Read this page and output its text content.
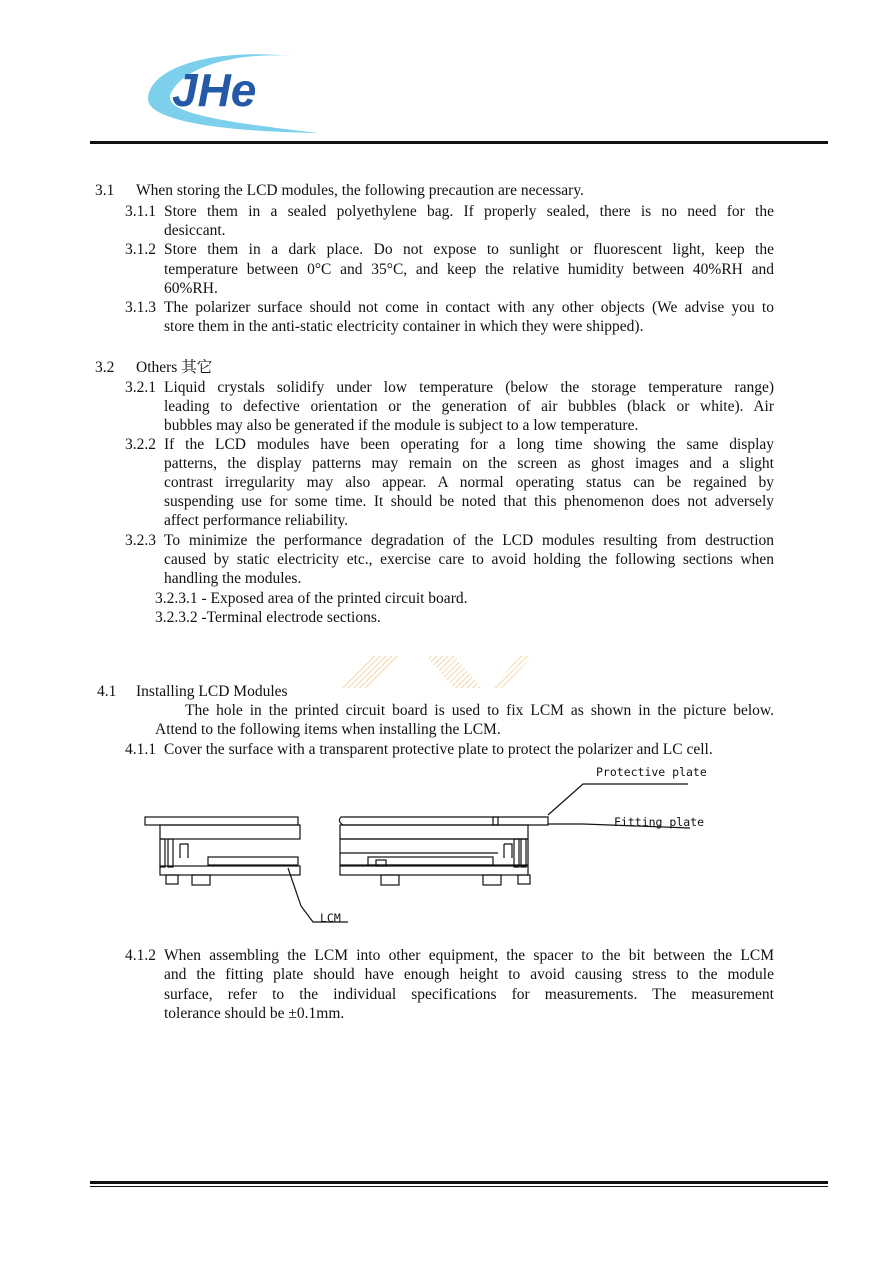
JHe
3.1 When storing the LCD modules, the following precaution are necessary.
3.1.1 Store them in a sealed polyethylene bag. If properly sealed, there is no need for the
desiccant.
3.1.2 Store them in a dark place. Do not expose to sunlight or fluorescent light, keep the
temperature between 0°C and 35°C, and keep the relative humidity between 40%RH and
60%RH.
3.1.3 The polarizer surface should not come in contact with any other objects (We advise you to
store them in the anti-static electricity container in which they were shipped).
3.2 Others 其它
3.2.1 Liquid crystals solidify under low temperature (below the storage temperature range)
leading to defective orientation or the generation of air bubbles (black or white). Air
bubbles may also be generated if the module is subject to a low temperature.
3.2.2 If the LCD modules have been operating for a long time showing the same display
patterns, the display patterns may remain on the screen as ghost images and a slight
contrast irregularity may also appear. A normal operating status can be regained by
suspending use for some time. It should be noted that this phenomenon does not adversely
affect performance reliability.
3.2.3 To minimize the performance degradation of the LCD modules resulting from destruction
caused by static electricity etc., exercise care to avoid holding the following sections when
handling the modules.
3.2.3.1 - Exposed area of the printed circuit board.
3.2.3.2 -Terminal electrode sections.
4.1 Installing LCD Modules
The hole in the printed circuit board is used to fix LCM as shown in the picture below.
Attend to the following items when installing the LCM.
4.1.1 Cover the surface with a transparent protective plate to protect the polarizer and LC cell.
Protective plate
Fitting plate
LCM
4.1.2 When assembling the LCM into other equipment, the spacer to the bit between the LCM
and the fitting plate should have enough height to avoid causing stress to the module
surface, refer to the individual specifications for measurements. The measurement
tolerance should be ±0.1mm.
